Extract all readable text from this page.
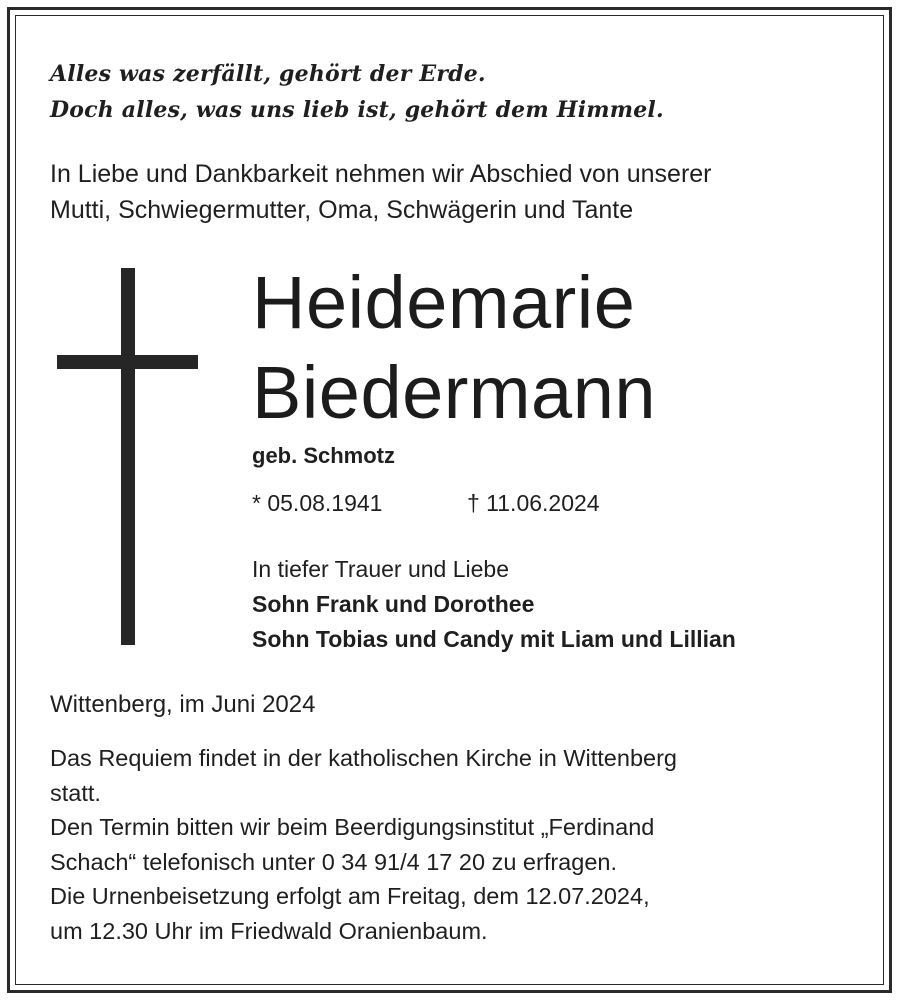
Alles was zerfällt, gehört der Erde.
Doch alles, was uns lieb ist, gehört dem Himmel.
In Liebe und Dankbarkeit nehmen wir Abschied von unserer
Mutti, Schwiegermutter, Oma, Schwägerin und Tante
Heidemarie
Biedermann
geb. Schmotz
* 05.08.1941	† 11.06.2024
In tiefer Trauer und Liebe
Sohn Frank und Dorothee
Sohn Tobias und Candy mit Liam und Lillian
Wittenberg, im Juni 2024
Das Requiem findet in der katholischen Kirche in Wittenberg
statt.
Den Termin bitten wir beim Beerdigungsinstitut „Ferdinand
Schach“ telefonisch unter 0 34 91/4 17 20 zu erfragen.
Die Urnenbeisetzung erfolgt am Freitag, dem 12.07.2024,
um 12.30 Uhr im Friedwald Oranienbaum.
